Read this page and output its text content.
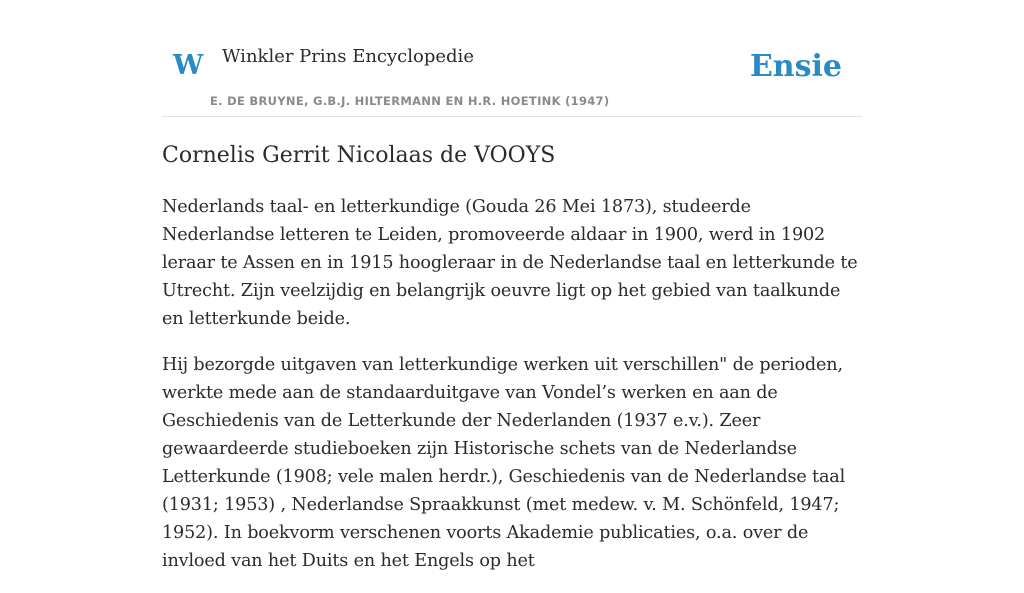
W Winkler Prins Encyclopedie
E. DE BRUYNE, G.B.J. HILTERMANN EN H.R. HOETINK (1947)
Ensie
Cornelis Gerrit Nicolaas de VOOYS

Nederlands taal- en letterkundige (Gouda 26 Mei 1873), studeerde Nederlandse letteren te Leiden, promoveerde aldaar in 1900, werd in 1902 leraar te Assen en in 1915 hoogleraar in de Nederlandse taal en letterkunde te Utrecht. Zijn veelzijdig en belangrijk oeuvre ligt op het gebied van taalkunde en letterkunde beide.

Hij bezorgde uitgaven van letterkundige werken uit verschillen" de perioden, werkte mede aan de standaarduitgave van Vondel’s werken en aan de Geschiedenis van de Letterkunde der Nederlanden (1937 e.v.). Zeer gewaardeerde studieboeken zijn Historische schets van de Nederlandse Letterkunde (1908; vele malen herdr.), Geschiedenis van de Nederlandse taal (1931; 1953) , Nederlandse Spraakkunst (met medew. v. M. Schönfeld, 1947; 1952). In boekvorm verschenen voorts Akademie publicaties, o.a. over de invloed van het Duits en het Engels op het
